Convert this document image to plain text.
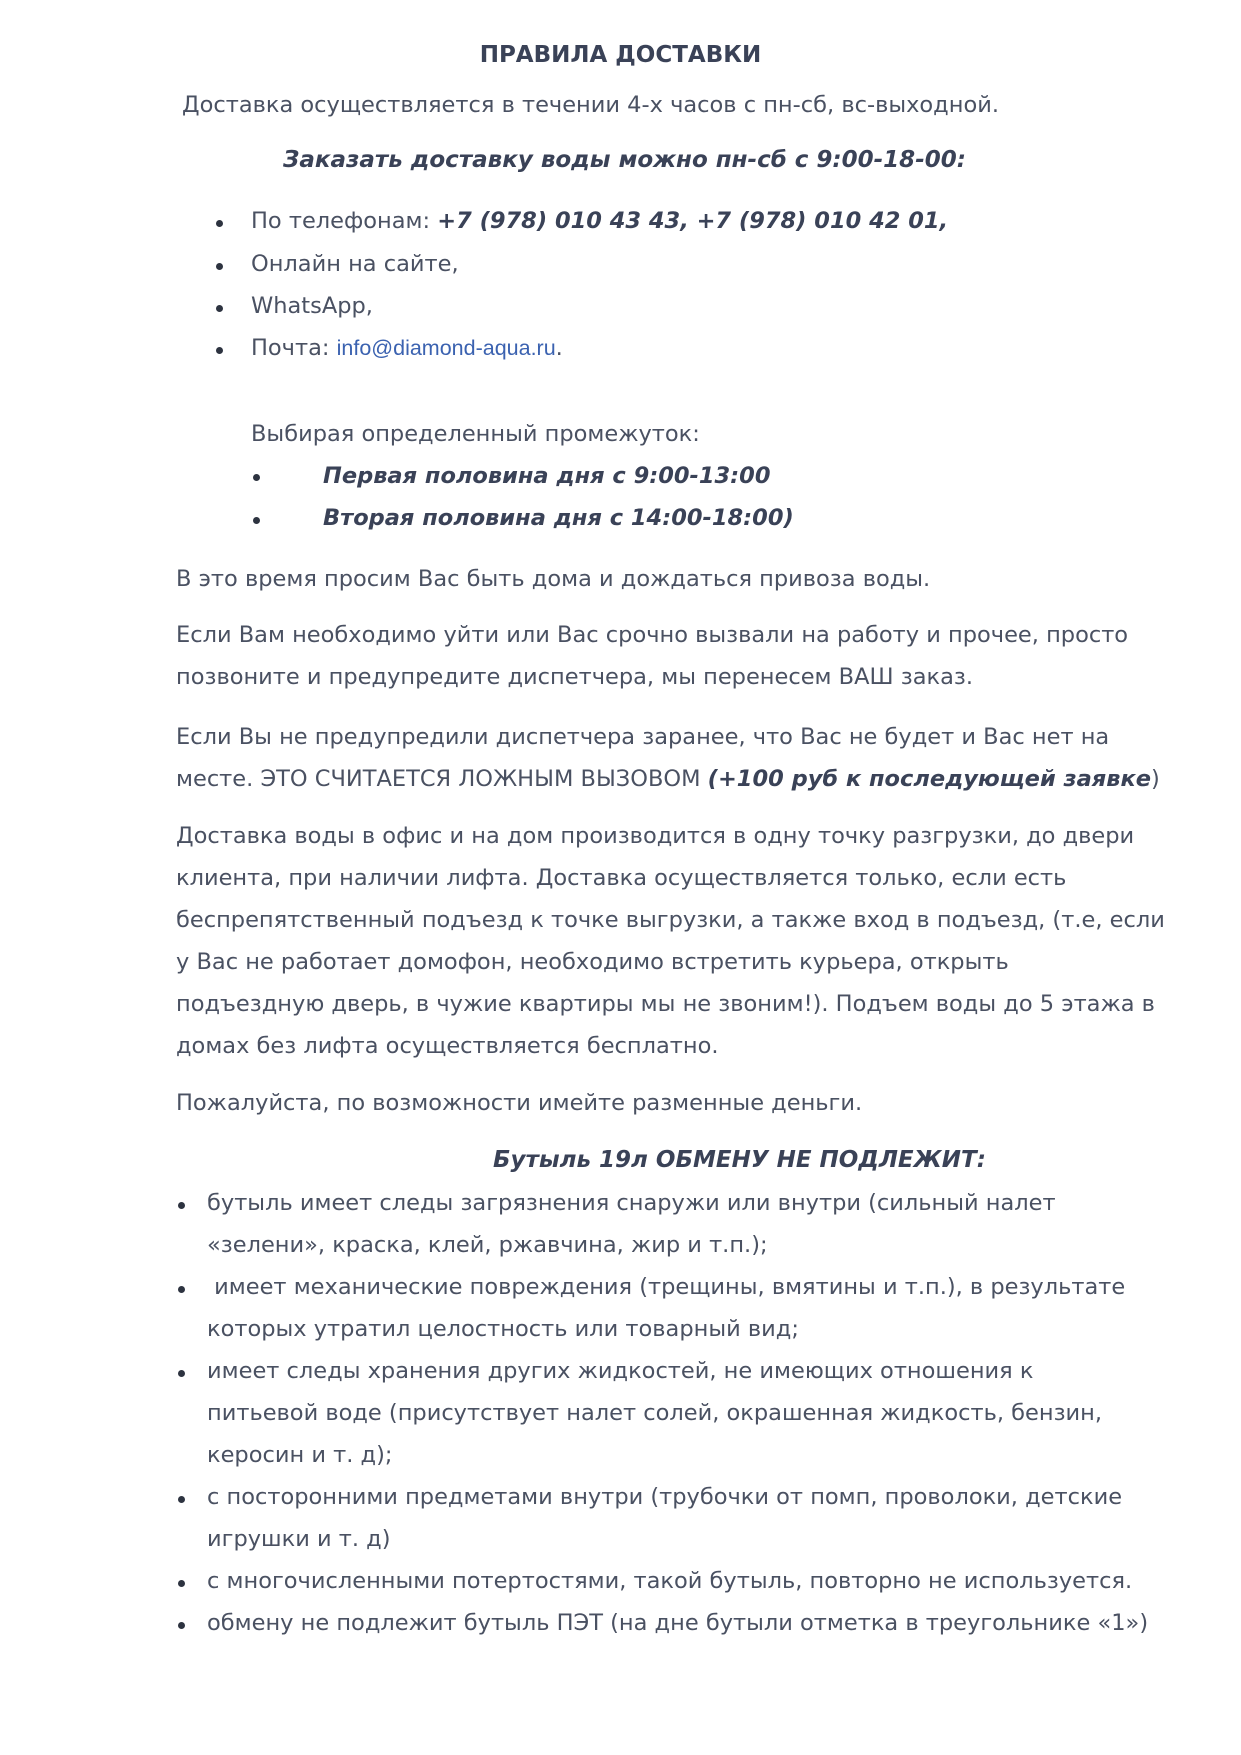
ПРАВИЛА ДОСТАВКИ
Доставка осуществляется в течении 4-х часов с пн-сб, вс-выходной.
Заказать доставку воды можно пн-сб с 9:00-18-00:
По телефонам: +7 (978) 010 43 43, +7 (978) 010 42 01,
Онлайн на сайте,
WhatsApp,
Почта: info@diamond-aqua.ru.
Выбирая определенный промежуток:
Первая половина дня с 9:00-13:00
Вторая половина дня с 14:00-18:00)
В это время просим Вас быть дома и дождаться привоза воды.
Если Вам необходимо уйти или Вас срочно вызвали на работу и прочее, просто
позвоните и предупредите диспетчера, мы перенесем ВАШ заказ.
Если Вы не предупредили диспетчера заранее, что Вас не будет и Вас нет на
месте. ЭТО СЧИТАЕТСЯ ЛОЖНЫМ ВЫЗОВОМ (+100 руб к последующей заявке)
Доставка воды в офис и на дом производится в одну точку разгрузки, до двери
клиента, при наличии лифта. Доставка осуществляется только, если есть
беспрепятственный подъезд к точке выгрузки, а также вход в подъезд, (т.е, если
у Вас не работает домофон, необходимо встретить курьера, открыть
подъездную дверь, в чужие квартиры мы не звоним!). Подъем воды до 5 этажа в
домах без лифта осуществляется бесплатно.
Пожалуйста, по возможности имейте разменные деньги.
Бутыль 19л ОБМЕНУ НЕ ПОДЛЕЖИТ:
бутыль имеет следы загрязнения снаружи или внутри (сильный налет
«зелени», краска, клей, ржавчина, жир и т.п.);
имеет механические повреждения (трещины, вмятины и т.п.), в результате
которых утратил целостность или товарный вид;
имеет следы хранения других жидкостей, не имеющих отношения к
питьевой воде (присутствует налет солей, окрашенная жидкость, бензин,
керосин и т. д);
с посторонними предметами внутри (трубочки от помп, проволоки, детские
игрушки и т. д)
с многочисленными потертостями, такой бутыль, повторно не используется.
обмену не подлежит бутыль ПЭТ (на дне бутыли отметка в треугольнике «1»)
